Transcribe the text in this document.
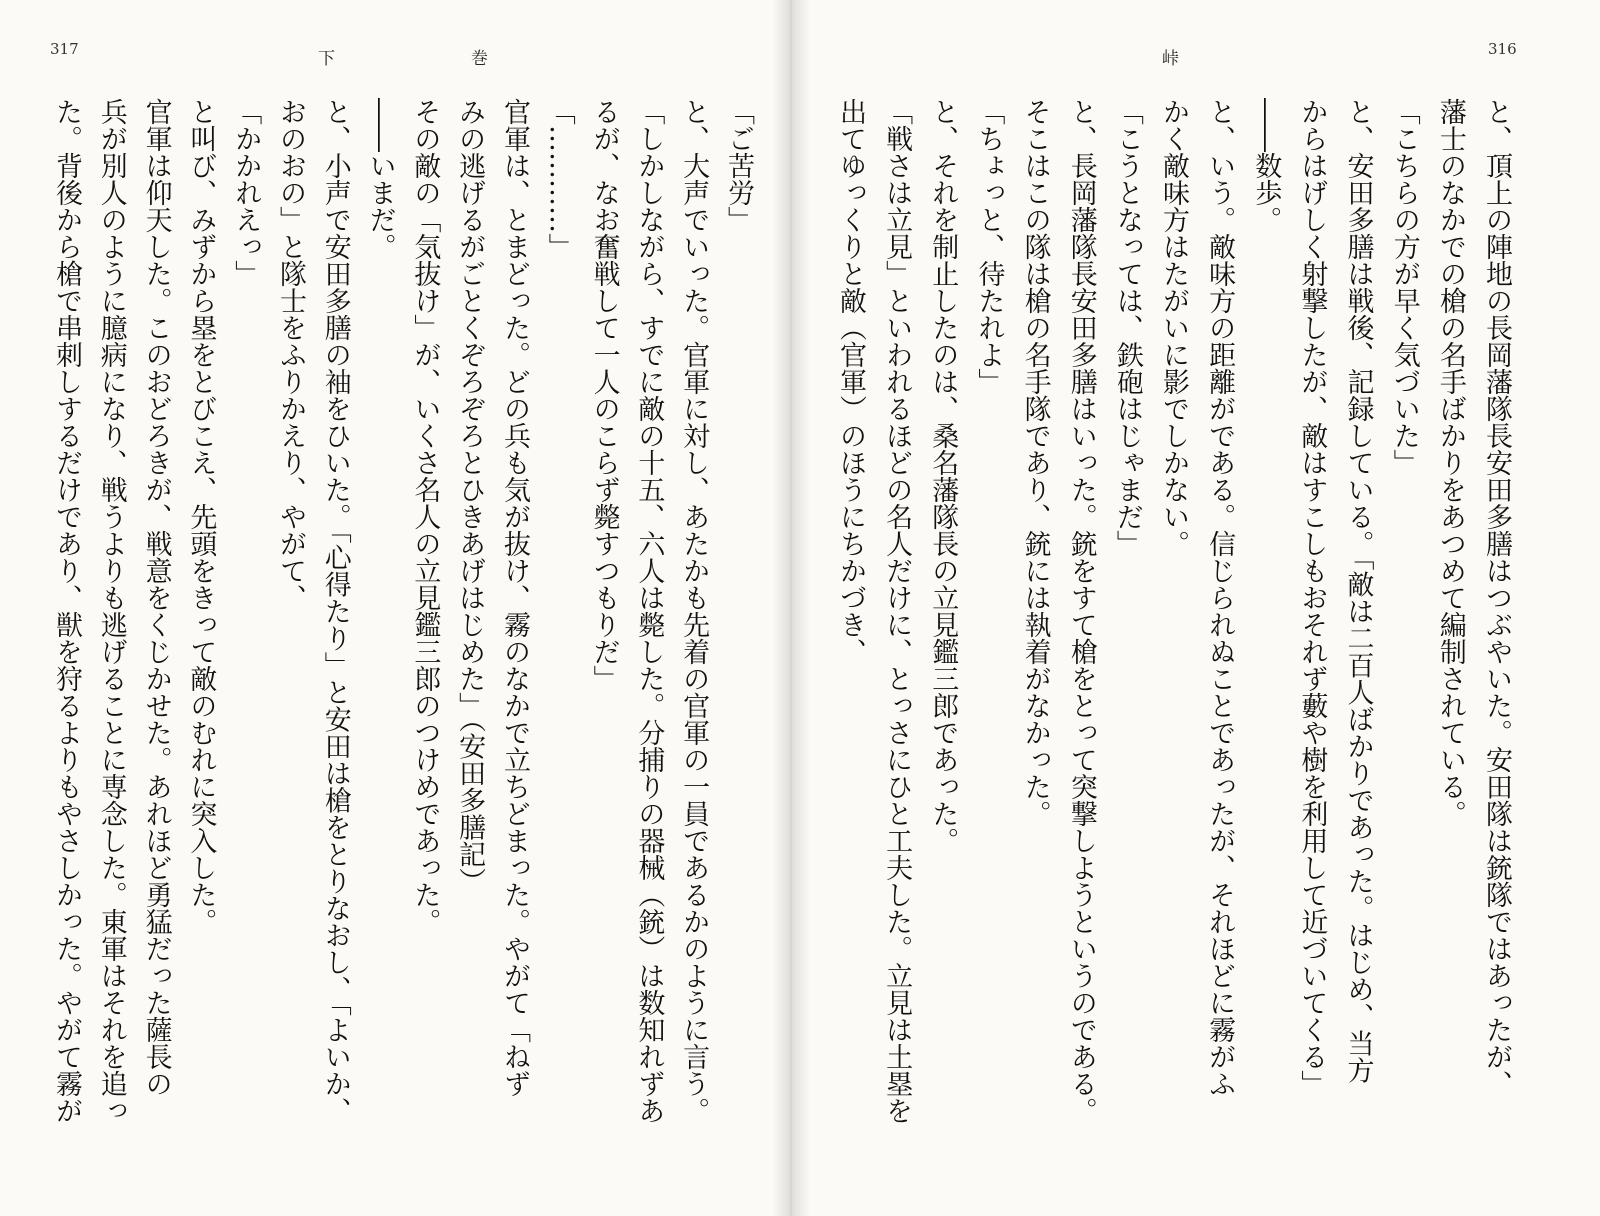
317	下　　　　　　　　巻
「ご苦労」
と、大声でいった。官軍に対し、あたかも先着の官軍の一員であるかのように言う。
「しかしながら、すでに敵の十五、六人は斃した。分捕りの器械（銃）は数知れずあ
るが、なお奮戦して一人のこらず斃すつもりだ」
「…………」
官軍は、とまどった。どの兵も気が抜け、霧のなかで立ちどまった。やがて「ねず
みの逃げるがごとくぞろぞろとひきあげはじめた」（安田多膳記）
その敵の「気抜け」が、いくさ名人の立見鑑三郎のつけめであった。
――いまだ。
と、小声で安田多膳の袖をひいた。「心得たり」と安田は槍をとりなおし、「よいか、
おのおの」と隊士をふりかえり、やがて、
「かかれえっ」
と叫び、みずから塁をとびこえ、先頭をきって敵のむれに突入した。
官軍は仰天した。このおどろきが、戦意をくじかせた。あれほど勇猛だった薩長の
兵が別人のように臆病になり、戦うよりも逃げることに専念した。東軍はそれを追っ
た。背後から槍で串刺しするだけであり、獣を狩るよりもやさしかった。やがて霧が
峠	316
と、頂上の陣地の長岡藩隊長安田多膳はつぶやいた。安田隊は銃隊ではあったが、
藩士のなかでの槍の名手ばかりをあつめて編制されている。
「こちらの方が早く気づいた」
と、安田多膳は戦後、記録している。「敵は二百人ばかりであった。はじめ、当方
からはげしく射撃したが、敵はすこしもおそれず藪や樹を利用して近づいてくる」
――数歩。
と、いう。敵味方の距離がである。信じられぬことであったが、それほどに霧がふ
かく敵味方はたがいに影でしかない。
「こうとなっては、鉄砲はじゃまだ」
と、長岡藩隊長安田多膳はいった。銃をすて槍をとって突撃しようというのである。
そこはこの隊は槍の名手隊であり、銃には執着がなかった。
「ちょっと、待たれよ」
と、それを制止したのは、桑名藩隊長の立見鑑三郎であった。
「戦さは立見」といわれるほどの名人だけに、とっさにひと工夫した。立見は土塁を
出てゆっくりと敵（官軍）のほうにちかづき、
